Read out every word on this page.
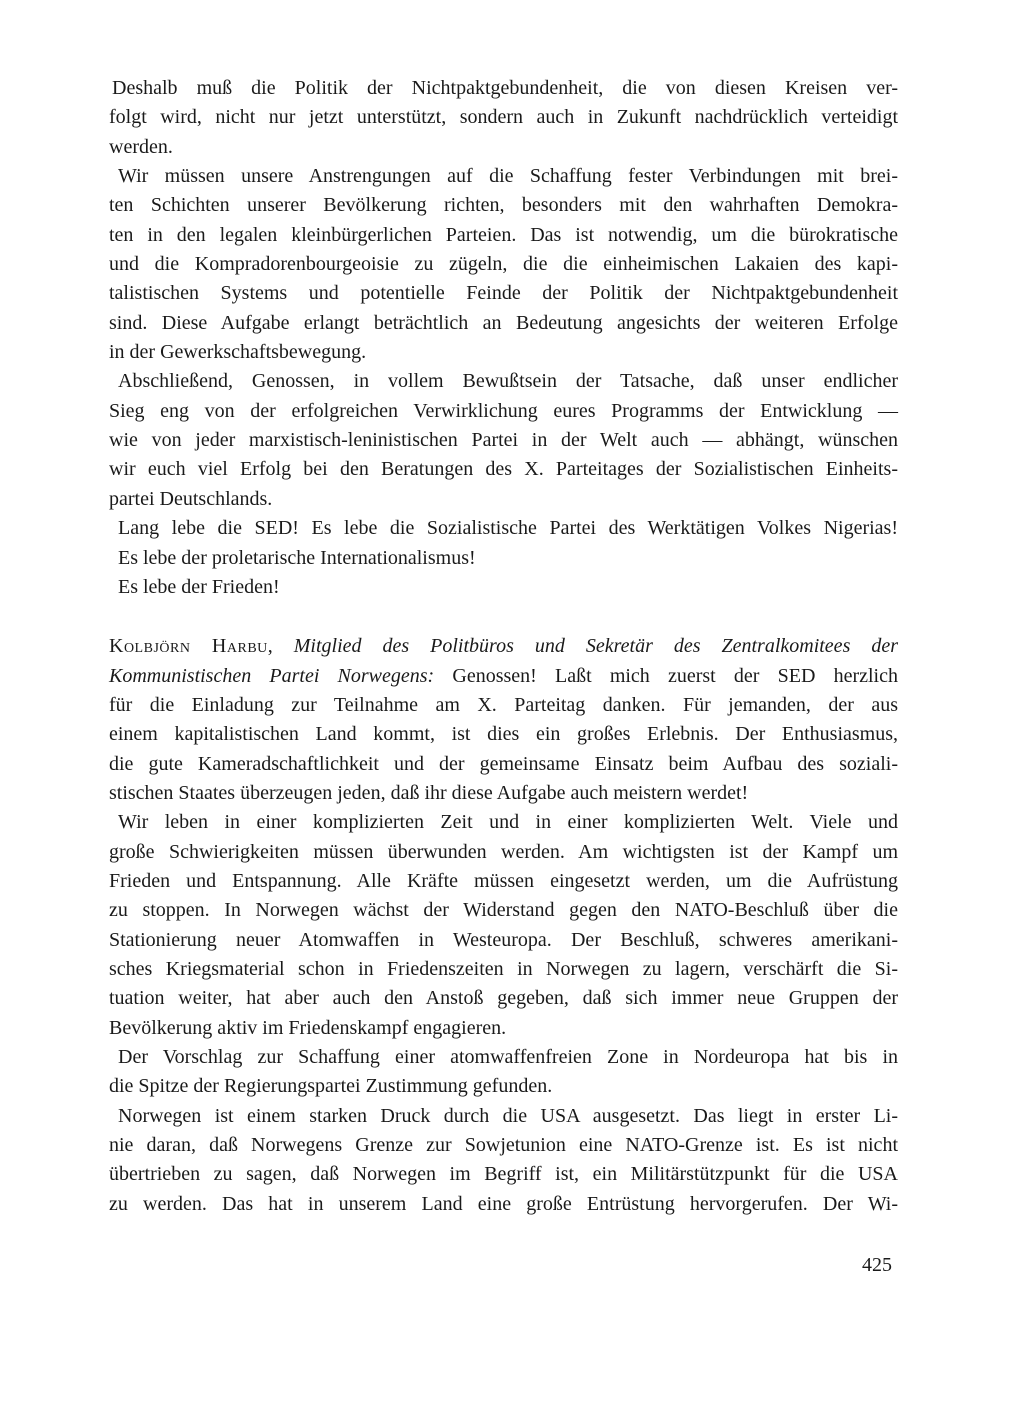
Deshalb muß die Politik der Nichtpaktgebundenheit, die von diesen Kreisen ver-
folgt wird, nicht nur jetzt unterstützt, sondern auch in Zukunft nachdrücklich verteidigt
werden.
Wir müssen unsere Anstrengungen auf die Schaffung fester Verbindungen mit brei-
ten Schichten unserer Bevölkerung richten, besonders mit den wahrhaften Demokra-
ten in den legalen kleinbürgerlichen Parteien. Das ist notwendig, um die bürokratische
und die Kompradorenbourgeoisie zu zügeln, die die einheimischen Lakaien des kapi-
talistischen Systems und potentielle Feinde der Politik der Nichtpaktgebundenheit
sind. Diese Aufgabe erlangt beträchtlich an Bedeutung angesichts der weiteren Erfolge
in der Gewerkschaftsbewegung.
Abschließend, Genossen, in vollem Bewußtsein der Tatsache, daß unser endlicher
Sieg eng von der erfolgreichen Verwirklichung eures Programms der Entwicklung —
wie von jeder marxistisch-leninistischen Partei in der Welt auch — abhängt, wünschen
wir euch viel Erfolg bei den Beratungen des X. Parteitages der Sozialistischen Einheits-
partei Deutschlands.
Lang lebe die SED! Es lebe die Sozialistische Partei des Werktätigen Volkes Nigerias!
Es lebe der proletarische Internationalismus!
Es lebe der Frieden!
Kolbjörn Harbu, Mitglied des Politbüros und Sekretär des Zentralkomitees der
Kommunistischen Partei Norwegens: Genossen! Laßt mich zuerst der SED herzlich
für die Einladung zur Teilnahme am X. Parteitag danken. Für jemanden, der aus
einem kapitalistischen Land kommt, ist dies ein großes Erlebnis. Der Enthusiasmus,
die gute Kameradschaftlichkeit und der gemeinsame Einsatz beim Aufbau des soziali-
stischen Staates überzeugen jeden, daß ihr diese Aufgabe auch meistern werdet!
Wir leben in einer komplizierten Zeit und in einer komplizierten Welt. Viele und
große Schwierigkeiten müssen überwunden werden. Am wichtigsten ist der Kampf um
Frieden und Entspannung. Alle Kräfte müssen eingesetzt werden, um die Aufrüstung
zu stoppen. In Norwegen wächst der Widerstand gegen den NATO-Beschluß über die
Stationierung neuer Atomwaffen in Westeuropa. Der Beschluß, schweres amerikani-
sches Kriegsmaterial schon in Friedenszeiten in Norwegen zu lagern, verschärft die Si-
tuation weiter, hat aber auch den Anstoß gegeben, daß sich immer neue Gruppen der
Bevölkerung aktiv im Friedenskampf engagieren.
Der Vorschlag zur Schaffung einer atomwaffenfreien Zone in Nordeuropa hat bis in
die Spitze der Regierungspartei Zustimmung gefunden.
Norwegen ist einem starken Druck durch die USA ausgesetzt. Das liegt in erster Li-
nie daran, daß Norwegens Grenze zur Sowjetunion eine NATO-Grenze ist. Es ist nicht
übertrieben zu sagen, daß Norwegen im Begriff ist, ein Militärstützpunkt für die USA
zu werden. Das hat in unserem Land eine große Entrüstung hervorgerufen. Der Wi-
425
